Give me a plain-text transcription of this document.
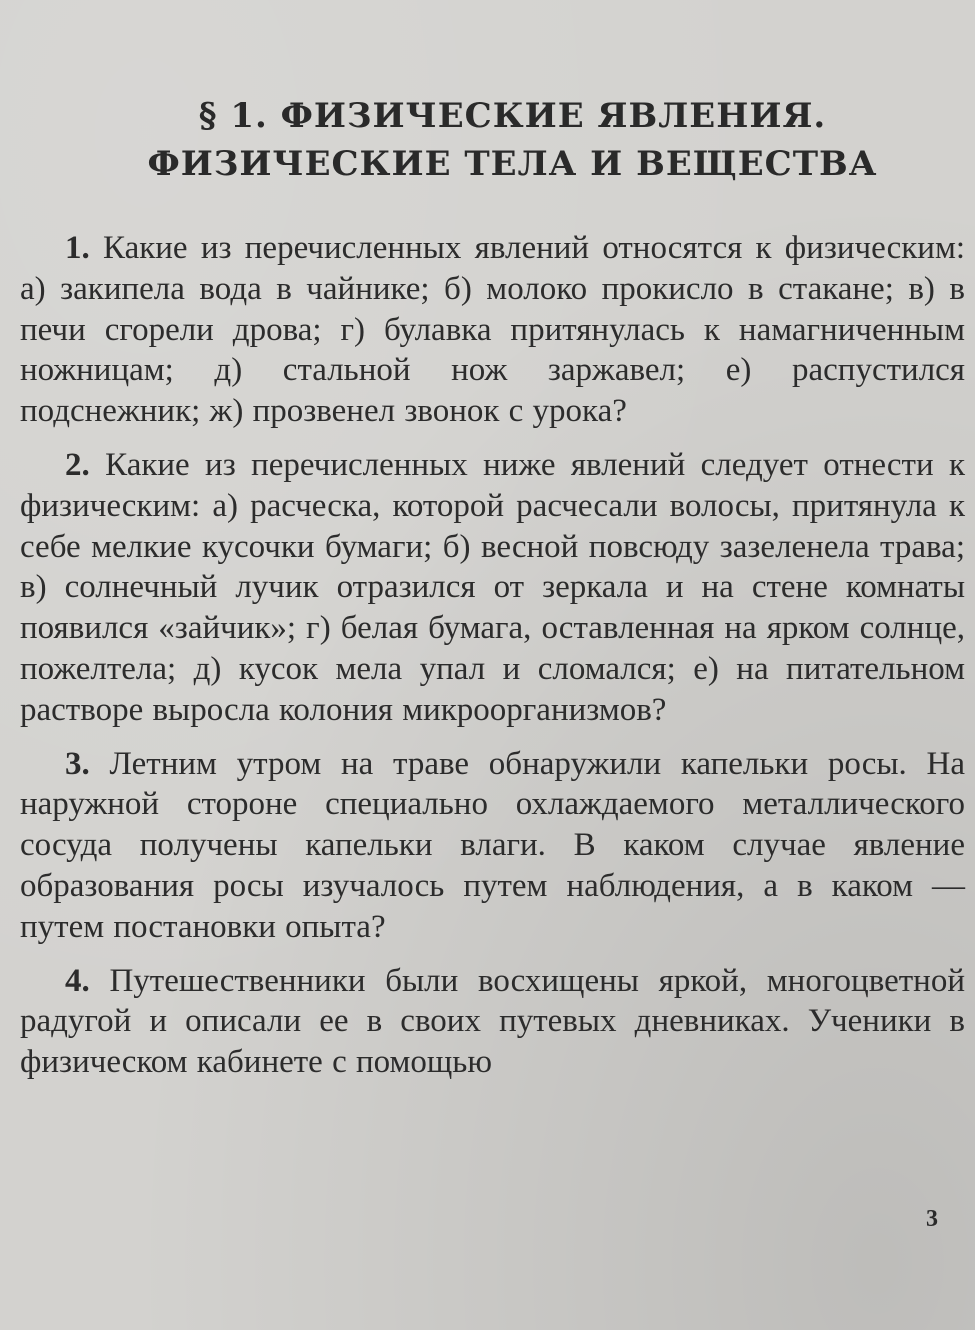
§ 1. ФИЗИЧЕСКИЕ ЯВЛЕНИЯ.
ФИЗИЧЕСКИЕ ТЕЛА И ВЕЩЕСТВА

1. Какие из перечисленных явлений относятся к физическим: а) закипела вода в чайнике; б) молоко прокисло в стакане; в) в печи сгорели дрова; г) булавка притянулась к намагниченным ножницам; д) стальной нож заржавел; е) распустился подснежник; ж) прозвенел звонок с урока?

2. Какие из перечисленных ниже явлений следует отнести к физическим: а) расческа, которой расчесали волосы, притянула к себе мелкие кусочки бумаги; б) весной повсюду зазеленела трава; в) солнечный лучик отразился от зеркала и на стене комнаты появился «зайчик»; г) белая бумага, оставленная на ярком солнце, пожелтела; д) кусок мела упал и сломался; е) на питательном растворе выросла колония микроорганизмов?

3. Летним утром на траве обнаружили капельки росы. На наружной стороне специально охлаждаемого металлического сосуда получены капельки влаги. В каком случае явление образования росы изучалось путем наблюдения, а в каком — путем постановки опыта?

4. Путешественники были восхищены яркой, многоцветной радугой и описали ее в своих путевых дневниках. Ученики в физическом кабинете с помощью

3
